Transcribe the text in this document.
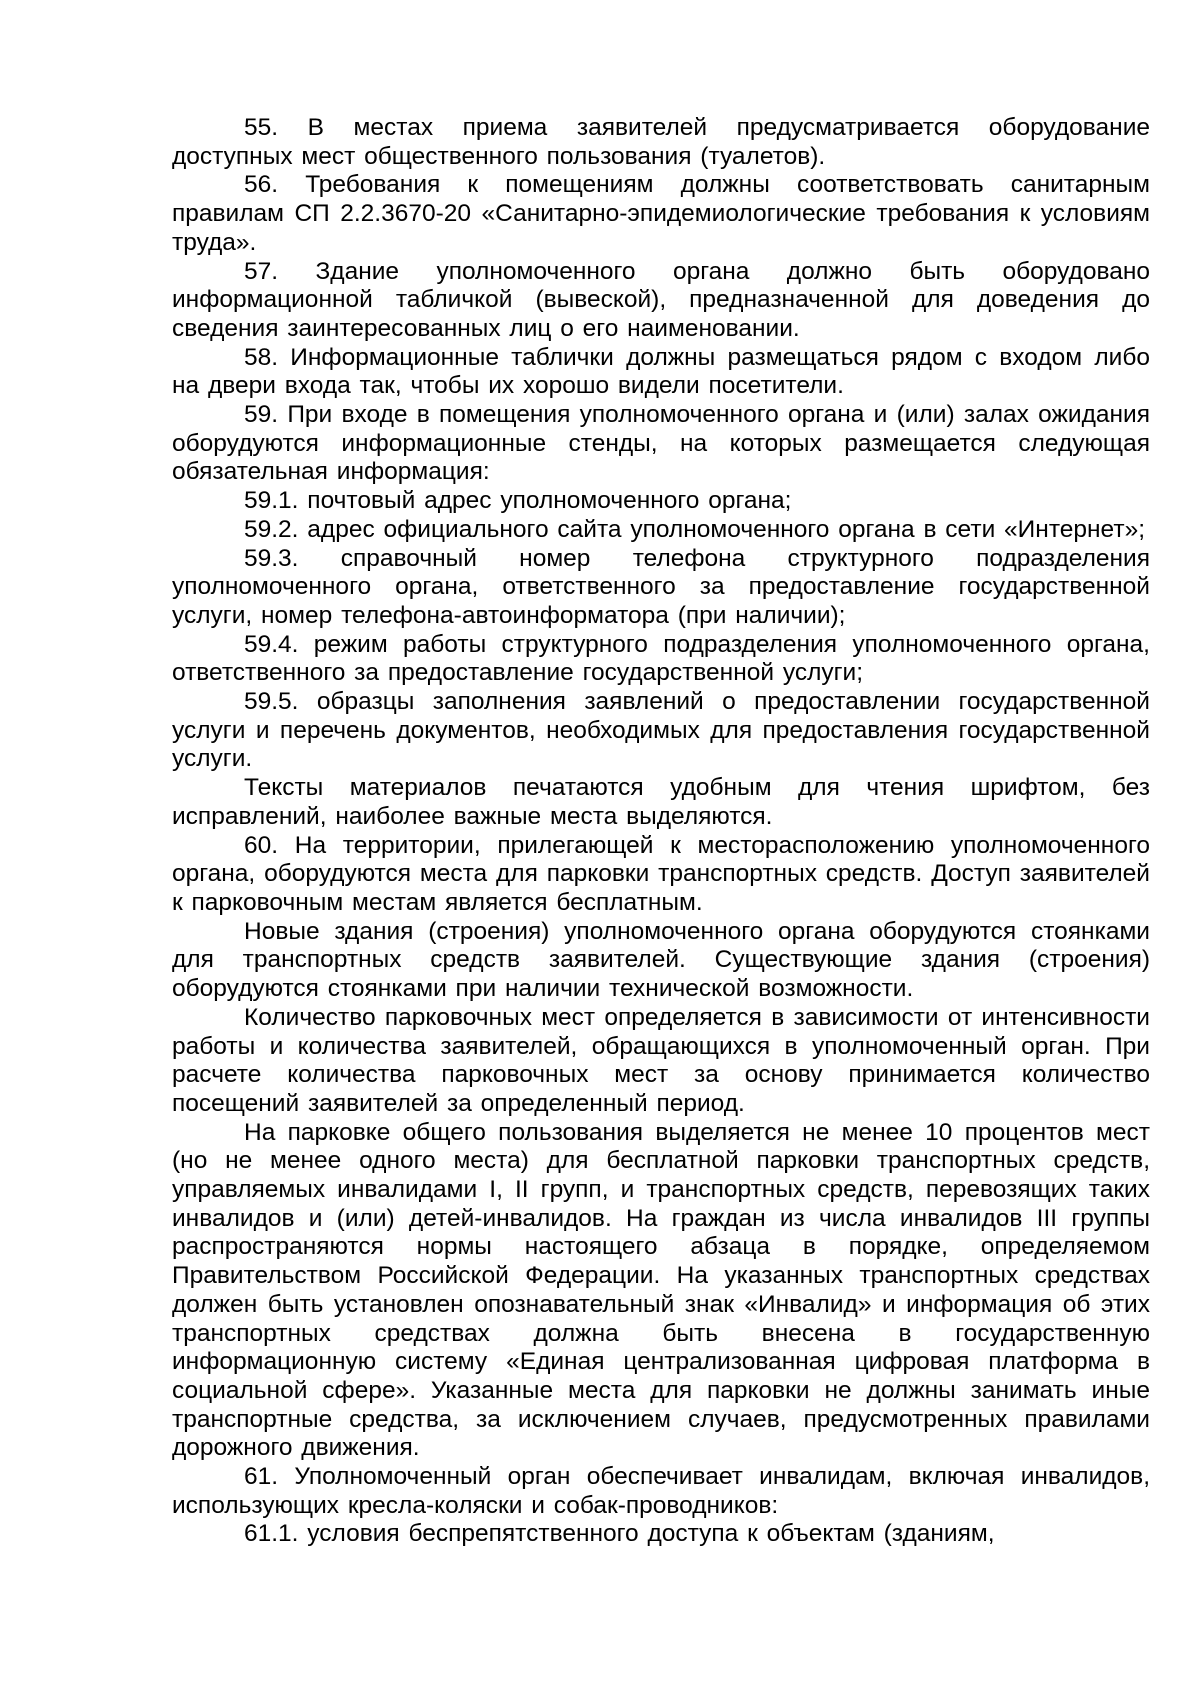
55. В местах приема заявителей предусматривается оборудование доступных мест общественного пользования (туалетов).

56. Требования к помещениям должны соответствовать санитарным правилам СП 2.2.3670-20 «Санитарно-эпидемиологические требования к условиям труда».

57. Здание уполномоченного органа должно быть оборудовано информационной табличкой (вывеской), предназначенной для доведения до сведения заинтересованных лиц о его наименовании.

58. Информационные таблички должны размещаться рядом с входом либо на двери входа так, чтобы их хорошо видели посетители.

59. При входе в помещения уполномоченного органа и (или) залах ожидания оборудуются информационные стенды, на которых размещается следующая обязательная информация:

59.1. почтовый адрес уполномоченного органа;

59.2. адрес официального сайта уполномоченного органа в сети «Интернет»;

59.3. справочный номер телефона структурного подразделения уполномоченного органа, ответственного за предоставление государственной услуги, номер телефона-автоинформатора (при наличии);

59.4. режим работы структурного подразделения уполномоченного органа, ответственного за предоставление государственной услуги;

59.5. образцы заполнения заявлений о предоставлении государственной услуги и перечень документов, необходимых для предоставления государственной услуги.

Тексты материалов печатаются удобным для чтения шрифтом, без исправлений, наиболее важные места выделяются.

60. На территории, прилегающей к месторасположению уполномоченного органа, оборудуются места для парковки транспортных средств. Доступ заявителей к парковочным местам является бесплатным.

Новые здания (строения) уполномоченного органа оборудуются стоянками для транспортных средств заявителей. Существующие здания (строения) оборудуются стоянками при наличии технической возможности.

Количество парковочных мест определяется в зависимости от интенсивности работы и количества заявителей, обращающихся в уполномоченный орган. При расчете количества парковочных мест за основу принимается количество посещений заявителей за определенный период.

На парковке общего пользования выделяется не менее 10 процентов мест (но не менее одного места) для бесплатной парковки транспортных средств, управляемых инвалидами I, II групп, и транспортных средств, перевозящих таких инвалидов и (или) детей-инвалидов. На граждан из числа инвалидов III группы распространяются нормы настоящего абзаца в порядке, определяемом Правительством Российской Федерации. На указанных транспортных средствах должен быть установлен опознавательный знак «Инвалид» и информация об этих транспортных средствах должна быть внесена в государственную информационную систему «Единая централизованная цифровая платформа в социальной сфере». Указанные места для парковки не должны занимать иные транспортные средства, за исключением случаев, предусмотренных правилами дорожного движения.

61. Уполномоченный орган обеспечивает инвалидам, включая инвалидов, использующих кресла-коляски и собак-проводников:

61.1. условия беспрепятственного доступа к объектам (зданиям,
